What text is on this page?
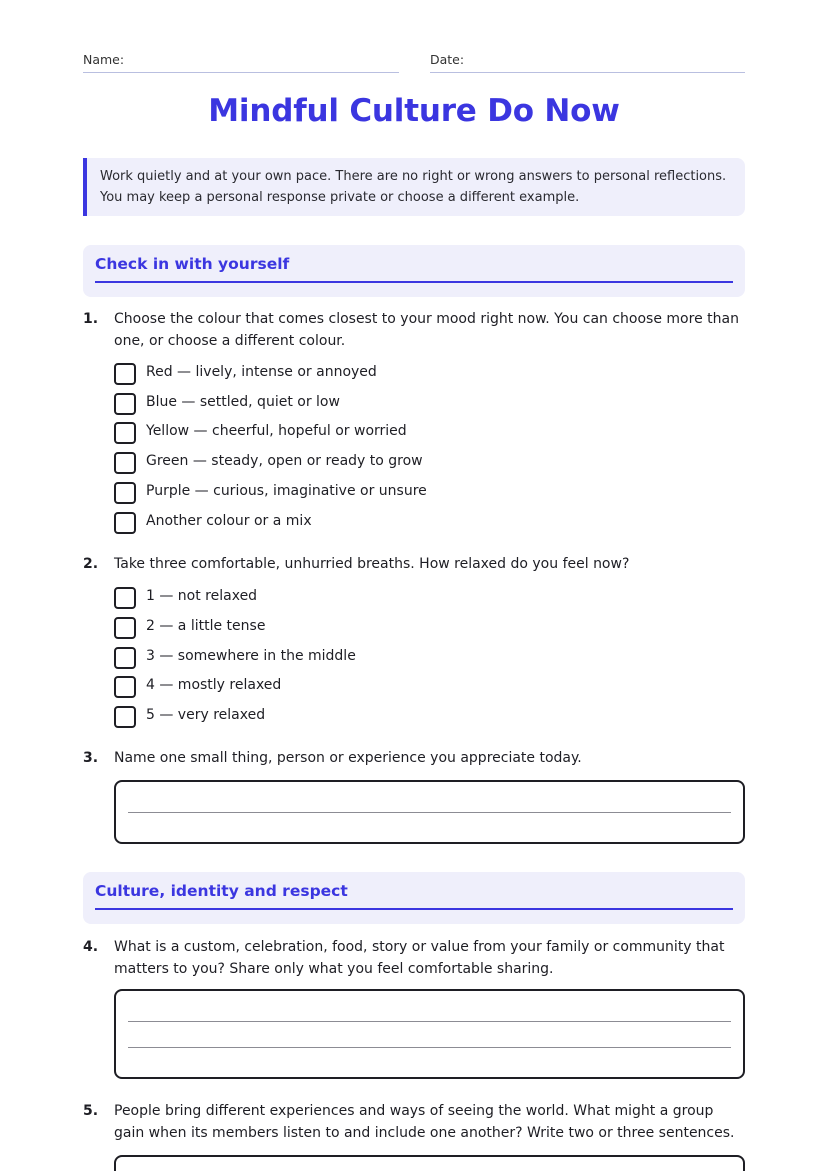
Name:	Date:
Mindful Culture Do Now
Work quietly and at your own pace. There are no right or wrong answers to personal reflections. You may keep a personal response private or choose a different example.
Check in with yourself
1. Choose the colour that comes closest to your mood right now. You can choose more than one, or choose a different colour.
Red — lively, intense or annoyed
Blue — settled, quiet or low
Yellow — cheerful, hopeful or worried
Green — steady, open or ready to grow
Purple — curious, imaginative or unsure
Another colour or a mix
2. Take three comfortable, unhurried breaths. How relaxed do you feel now?
1 — not relaxed
2 — a little tense
3 — somewhere in the middle
4 — mostly relaxed
5 — very relaxed
3. Name one small thing, person or experience you appreciate today.
Culture, identity and respect
4. What is a custom, celebration, food, story or value from your family or community that matters to you? Share only what you feel comfortable sharing.
5. People bring different experiences and ways of seeing the world. What might a group gain when its members listen to and include one another? Write two or three sentences.
